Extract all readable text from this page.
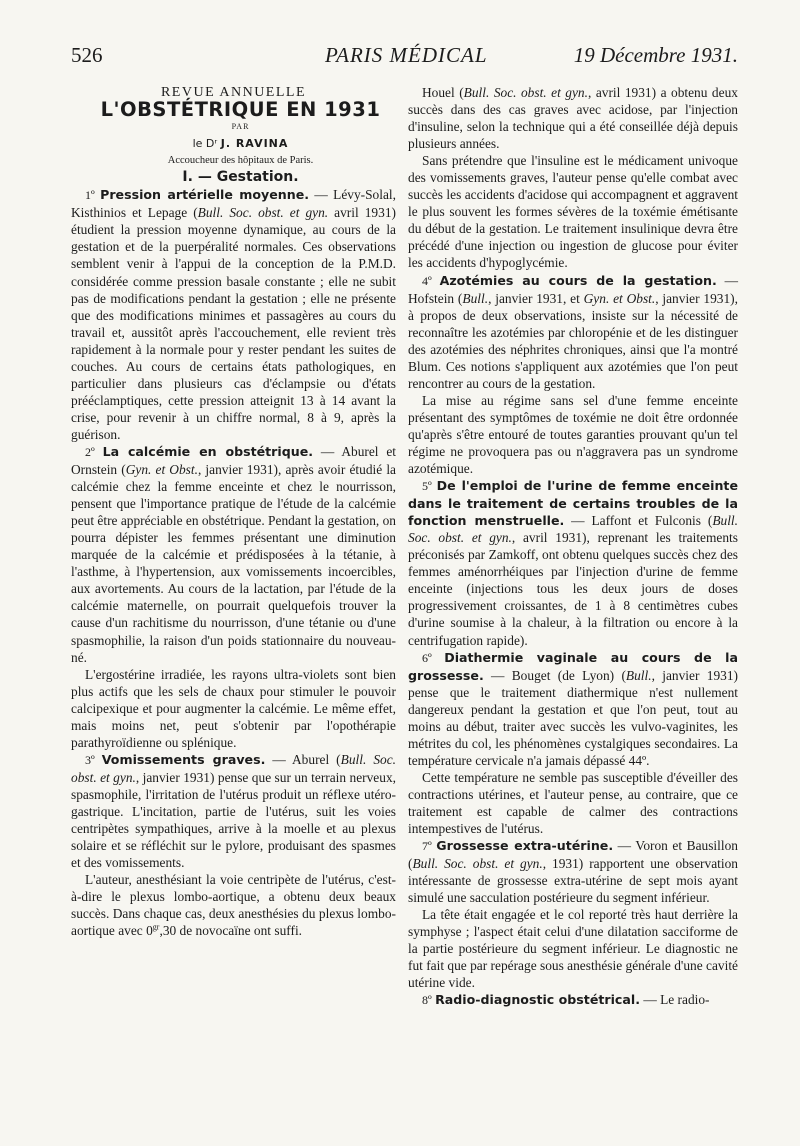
526	PARIS MÉDICAL	19 Décembre 1931.

REVUE ANNUELLE

L'OBSTÉTRIQUE EN 1931

PAR

le Dʳ J. RAVINA

Accoucheur des hôpitaux de Paris.

I. — Gestation.

1º Pression artérielle moyenne. — Lévy-Solal, Kisthinios et Lepage (Bull. Soc. obst. et gyn. avril 1931) étudient la pression moyenne dynamique, au cours de la gestation et de la puerpéralité normales. Ces observations semblent venir à l'appui de la conception de la P.M.D. considérée comme pression basale constante ; elle ne subit pas de modifications pendant la gestation ; elle ne présente que des modifications minimes et passagères au cours du travail et, aussitôt après l'accouchement, elle revient très rapidement à la normale pour y rester pendant les suites de couches. Au cours de certains états pathologiques, en particulier dans plusieurs cas d'éclampsie ou d'états prééclamptiques, cette pression atteignit 13 à 14 avant la crise, pour revenir à un chiffre normal, 8 à 9, après la guérison.

2º La calcémie en obstétrique. — Aburel et Ornstein (Gyn. et Obst., janvier 1931), après avoir étudié la calcémie chez la femme enceinte et chez le nourrisson, pensent que l'importance pratique de l'étude de la calcémie peut être appréciable en obstétrique. Pendant la gestation, on pourra dépister les femmes présentant une diminution marquée de la calcémie et prédisposées à la tétanie, à l'asthme, à l'hypertension, aux vomissements incoercibles, aux avortements. Au cours de la lactation, par l'étude de la calcémie maternelle, on pourrait quelquefois trouver la cause d'un rachitisme du nourrisson, d'une tétanie ou d'une spasmophilie, la raison d'un poids stationnaire du nouveau-né.

L'ergostérine irradiée, les rayons ultra-violets sont bien plus actifs que les sels de chaux pour stimuler le pouvoir calcipexique et pour augmenter la calcémie. Le même effet, mais moins net, peut s'obtenir par l'opothérapie parathyroïdienne ou splénique.

3º Vomissements graves. — Aburel (Bull. Soc. obst. et gyn., janvier 1931) pense que sur un terrain nerveux, spasmophile, l'irritation de l'utérus produit un réflexe utéro-gastrique. L'incitation, partie de l'utérus, suit les voies centripètes sympathiques, arrive à la moelle et au plexus solaire et se réfléchit sur le pylore, produisant des spasmes et des vomissements.

L'auteur, anesthésiant la voie centripète de l'utérus, c'est-à-dire le plexus lombo-aortique, a obtenu deux beaux succès. Dans chaque cas, deux anesthésies du plexus lombo-aortique avec $0^{gr},30$ de novocaïne ont suffi.

Houel (Bull. Soc. obst. et gyn., avril 1931) a obtenu deux succès dans des cas graves avec acidose, par l'injection d'insuline, selon la technique qui a été conseillée déjà depuis plusieurs années.

Sans prétendre que l'insuline est le médicament univoque des vomissements graves, l'auteur pense qu'elle combat avec succès les accidents d'acidose qui accompagnent et aggravent le plus souvent les formes sévères de la toxémie émétisante du début de la gestation. Le traitement insulinique devra être précédé d'une injection ou ingestion de glucose pour éviter les accidents d'hypoglycémie.

4º Azotémies au cours de la gestation. — Hofstein (Bull., janvier 1931, et Gyn. et Obst., janvier 1931), à propos de deux observations, insiste sur la nécessité de reconnaître les azotémies par chloropénie et de les distinguer des azotémies des néphrites chroniques, ainsi que l'a montré Blum. Ces notions s'appliquent aux azotémies que l'on peut rencontrer au cours de la gestation.

La mise au régime sans sel d'une femme enceinte présentant des symptômes de toxémie ne doit être ordonnée qu'après s'être entouré de toutes garanties prouvant qu'un tel régime ne provoquera pas ou n'aggravera pas un syndrome azotémique.

5º De l'emploi de l'urine de femme enceinte dans le traitement de certains troubles de la fonction menstruelle. — Laffont et Fulconis (Bull. Soc. obst. et gyn., avril 1931), reprenant les traitements préconisés par Zamkoff, ont obtenu quelques succès chez des femmes aménorrhéiques par l'injection d'urine de femme enceinte (injections tous les deux jours de doses progressivement croissantes, de 1 à 8 centimètres cubes d'urine soumise à la chaleur, à la filtration ou encore à la centrifugation rapide).

6º Diathermie vaginale au cours de la grossesse. — Bouget (de Lyon) (Bull., janvier 1931) pense que le traitement diathermique n'est nullement dangereux pendant la gestation et que l'on peut, tout au moins au début, traiter avec succès les vulvo-vaginites, les métrites du col, les phénomènes cystalgiques secondaires. La température cervicale n'a jamais dépassé 44º.

Cette température ne semble pas susceptible d'éveiller des contractions utérines, et l'auteur pense, au contraire, que ce traitement est capable de calmer des contractions intempestives de l'utérus.

7º Grossesse extra-utérine. — Voron et Bausillon (Bull. Soc. obst. et gyn., 1931) rapportent une observation intéressante de grossesse extra-utérine de sept mois ayant simulé une sacculation postérieure du segment inférieur.

La tête était engagée et le col reporté très haut derrière la symphyse ; l'aspect était celui d'une dilatation sacciforme de la partie postérieure du segment inférieur. Le diagnostic ne fut fait que par repérage sous anesthésie générale d'une cavité utérine vide.

8º Radio-diagnostic obstétrical. — Le radio-
